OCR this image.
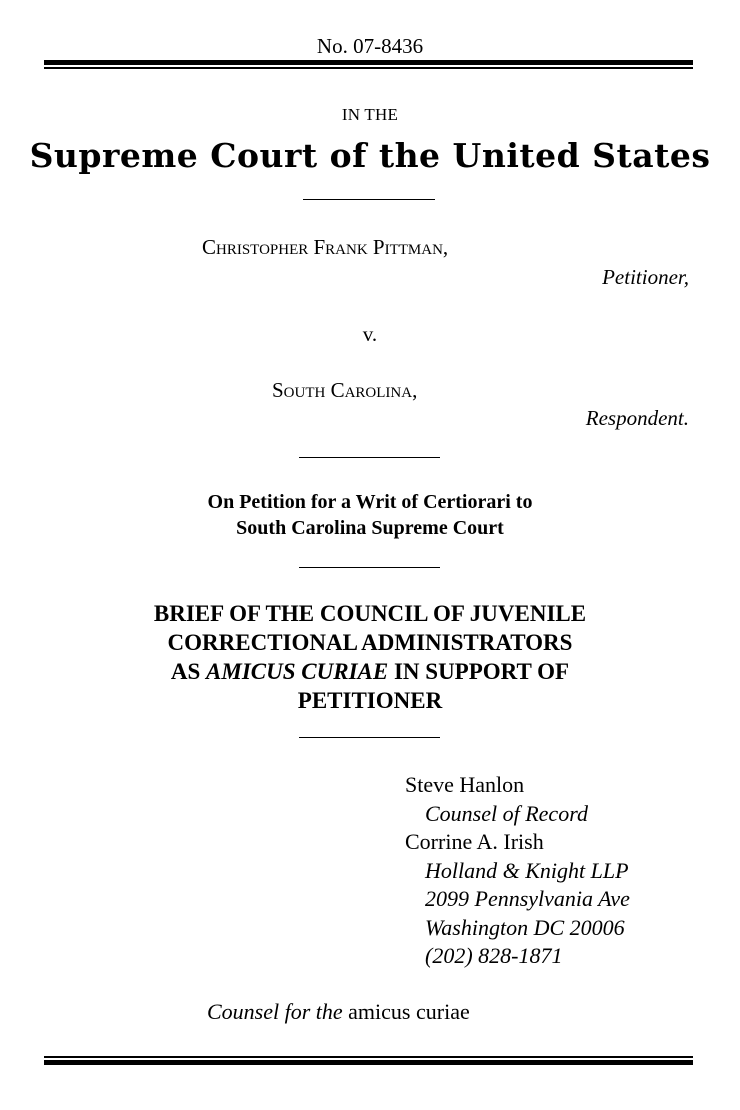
No. 07-8436
IN THE
Supreme Court of the United States
Christopher Frank Pittman,
Petitioner,
v.
South Carolina,
Respondent.
On Petition for a Writ of Certiorari to
South Carolina Supreme Court
BRIEF OF THE COUNCIL OF JUVENILE
CORRECTIONAL ADMINISTRATORS
AS AMICUS CURIAE IN SUPPORT OF
PETITIONER
Steve Hanlon
Counsel of Record
Corrine A. Irish
Holland & Knight LLP
2099 Pennsylvania Ave
Washington DC 20006
(202) 828-1871
Counsel for the amicus curiae
